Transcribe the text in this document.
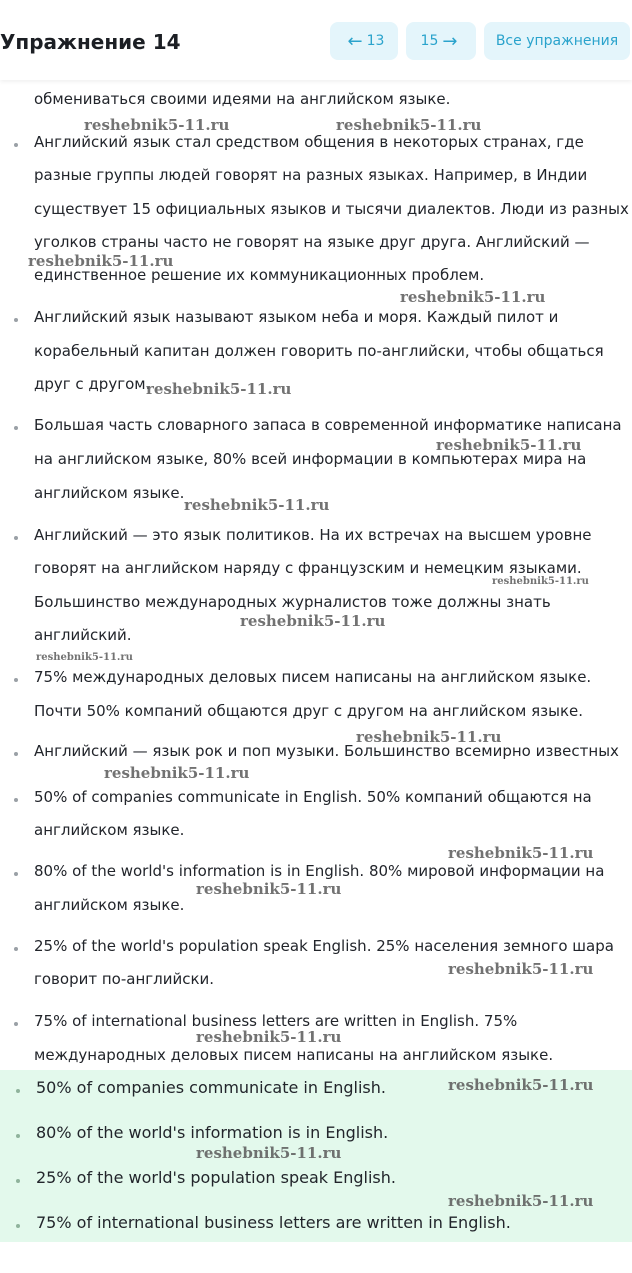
Упражнение 14	← 13	15 →	Все упражнения
обмениваться своими идеями на английском языке.
Английский язык стал средством общения в некоторых странах, где
разные группы людей говорят на разных языках. Например, в Индии
существует 15 официальных языков и тысячи диалектов. Люди из разных
уголков страны часто не говорят на языке друг друга. Английский —
единственное решение их коммуникационных проблем.
Английский язык называют языком неба и моря. Каждый пилот и
корабельный капитан должен говорить по-английски, чтобы общаться
друг с другом.
Большая часть словарного запаса в современной информатике написана
на английском языке, 80% всей информации в компьютерах мира на
английском языке.
Английский — это язык политиков. На их встречах на высшем уровне
говорят на английском наряду с французским и немецким языками.
Большинство международных журналистов тоже должны знать
английский.
75% международных деловых писем написаны на английском языке.
Почти 50% компаний общаются друг с другом на английском языке.
Английский — язык рок и поп музыки. Большинство всемирно известных
50% of companies communicate in English. 50% компаний общаются на
английском языке.
80% of the world's information is in English. 80% мировой информации на
английском языке.
25% of the world's population speak English. 25% населения земного шара
говорит по-английски.
75% of international business letters are written in English. 75%
международных деловых писем написаны на английском языке.
50% of companies communicate in English.
80% of the world's information is in English.
25% of the world's population speak English.
75% of international business letters are written in English.
reshebnik5-11.ru	reshebnik5-11.ru
reshebnik5-11.ru
reshebnik5-11.ru
reshebnik5-11.ru
reshebnik5-11.ru
reshebnik5-11.ru
reshebnik5-11.ru
reshebnik5-11.ru
reshebnik5-11.ru
reshebnik5-11.ru
reshebnik5-11.ru
reshebnik5-11.ru
reshebnik5-11.ru
reshebnik5-11.ru
reshebnik5-11.ru
reshebnik5-11.ru
reshebnik5-11.ru
reshebnik5-11.ru
